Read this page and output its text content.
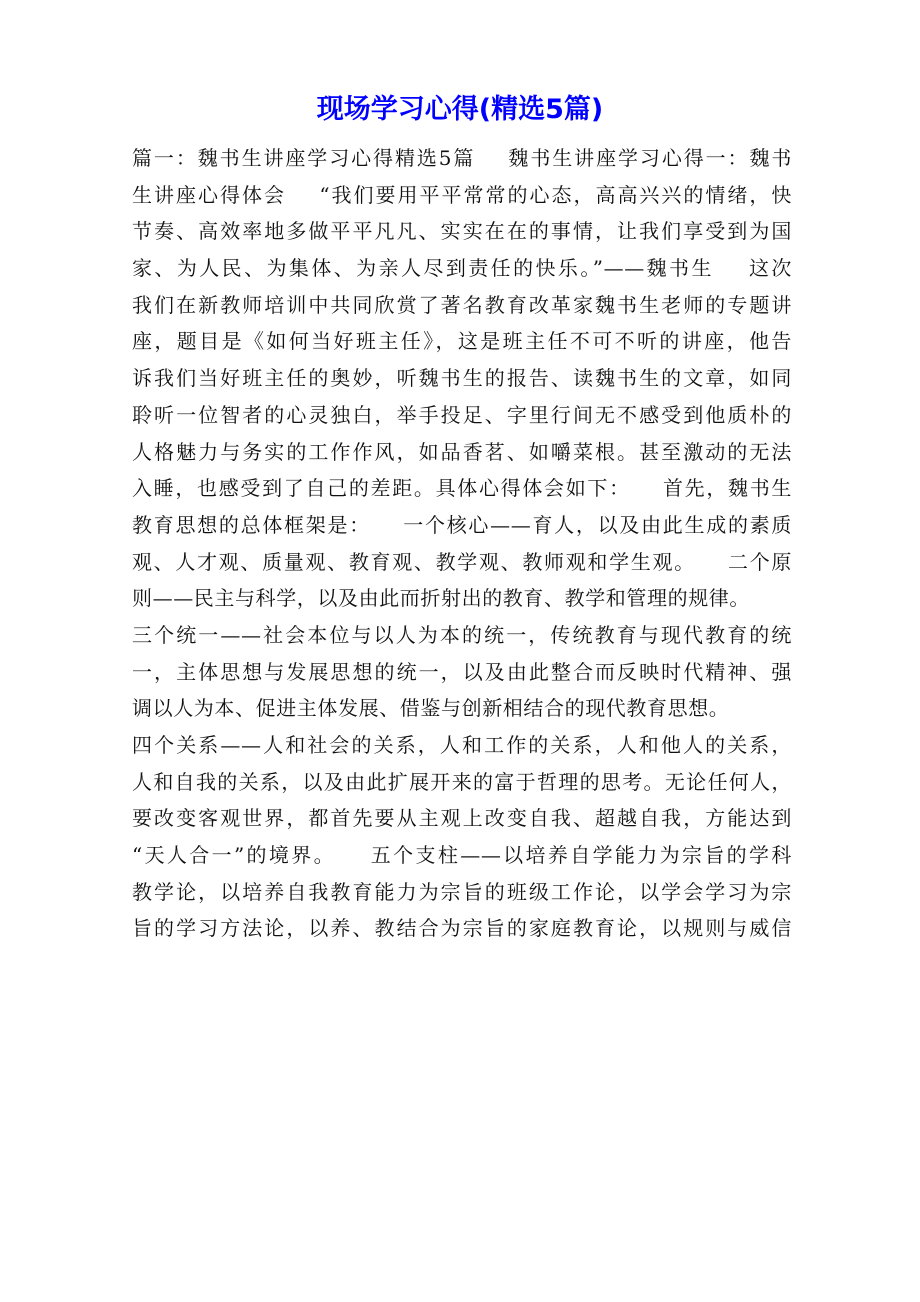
现场学习心得(精选5篇)
篇一：魏书生讲座学习心得精选5篇    魏书生讲座学习心得一：魏书
生讲座心得体会    “我们要用平平常常的心态，高高兴兴的情绪，快
节奏、高效率地多做平平凡凡、实实在在的事情，让我们享受到为国
家、为人民、为集体、为亲人尽到责任的快乐。”——魏书生    这次
我们在新教师培训中共同欣赏了著名教育改革家魏书生老师的专题讲
座，题目是《如何当好班主任》，这是班主任不可不听的讲座，他告
诉我们当好班主任的奥妙，听魏书生的报告、读魏书生的文章，如同
聆听一位智者的心灵独白，举手投足、字里行间无不感受到他质朴的
人格魅力与务实的工作作风，如品香茗、如嚼菜根。甚至激动的无法
入睡，也感受到了自己的差距。具体心得体会如下：    首先，魏书生
教育思想的总体框架是：    一个核心——育人，以及由此生成的素质
观、人才观、质量观、教育观、教学观、教师观和学生观。    二个原
则——民主与科学，以及由此而折射出的教育、教学和管理的规律。
三个统一——社会本位与以人为本的统一，传统教育与现代教育的统
一，主体思想与发展思想的统一，以及由此整合而反映时代精神、强
调以人为本、促进主体发展、借鉴与创新相结合的现代教育思想。
四个关系——人和社会的关系，人和工作的关系，人和他人的关系，
人和自我的关系，以及由此扩展开来的富于哲理的思考。无论任何人，
要改变客观世界，都首先要从主观上改变自我、超越自我，方能达到
“天人合一”的境界。    五个支柱——以培养自学能力为宗旨的学科
教学论，以培养自我教育能力为宗旨的班级工作论，以学会学习为宗
旨的学习方法论，以养、教结合为宗旨的家庭教育论，以规则与威信
